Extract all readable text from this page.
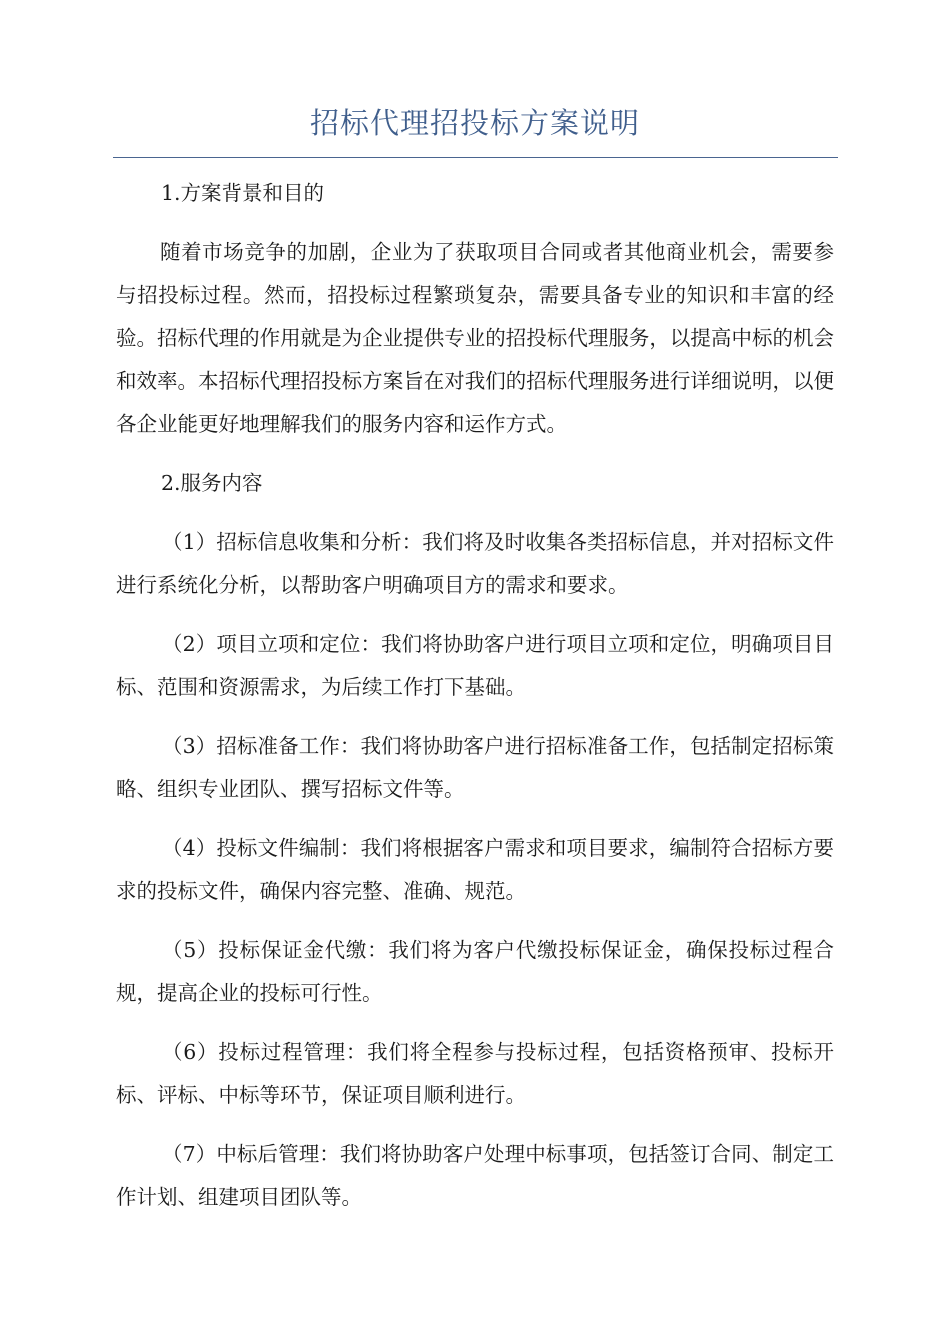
招标代理招投标方案说明

1.方案背景和目的

随着市场竞争的加剧，企业为了获取项目合同或者其他商业机会，需要参与招投标过程。然而，招投标过程繁琐复杂，需要具备专业的知识和丰富的经验。招标代理的作用就是为企业提供专业的招投标代理服务，以提高中标的机会和效率。本招标代理招投标方案旨在对我们的招标代理服务进行详细说明，以便各企业能更好地理解我们的服务内容和运作方式。

2.服务内容

（1）招标信息收集和分析：我们将及时收集各类招标信息，并对招标文件进行系统化分析，以帮助客户明确项目方的需求和要求。

（2）项目立项和定位：我们将协助客户进行项目立项和定位，明确项目目标、范围和资源需求，为后续工作打下基础。

（3）招标准备工作：我们将协助客户进行招标准备工作，包括制定招标策略、组织专业团队、撰写招标文件等。

（4）投标文件编制：我们将根据客户需求和项目要求，编制符合招标方要求的投标文件，确保内容完整、准确、规范。

（5）投标保证金代缴：我们将为客户代缴投标保证金，确保投标过程合规，提高企业的投标可行性。

（6）投标过程管理：我们将全程参与投标过程，包括资格预审、投标开标、评标、中标等环节，保证项目顺利进行。

（7）中标后管理：我们将协助客户处理中标事项，包括签订合同、制定工作计划、组建项目团队等。
